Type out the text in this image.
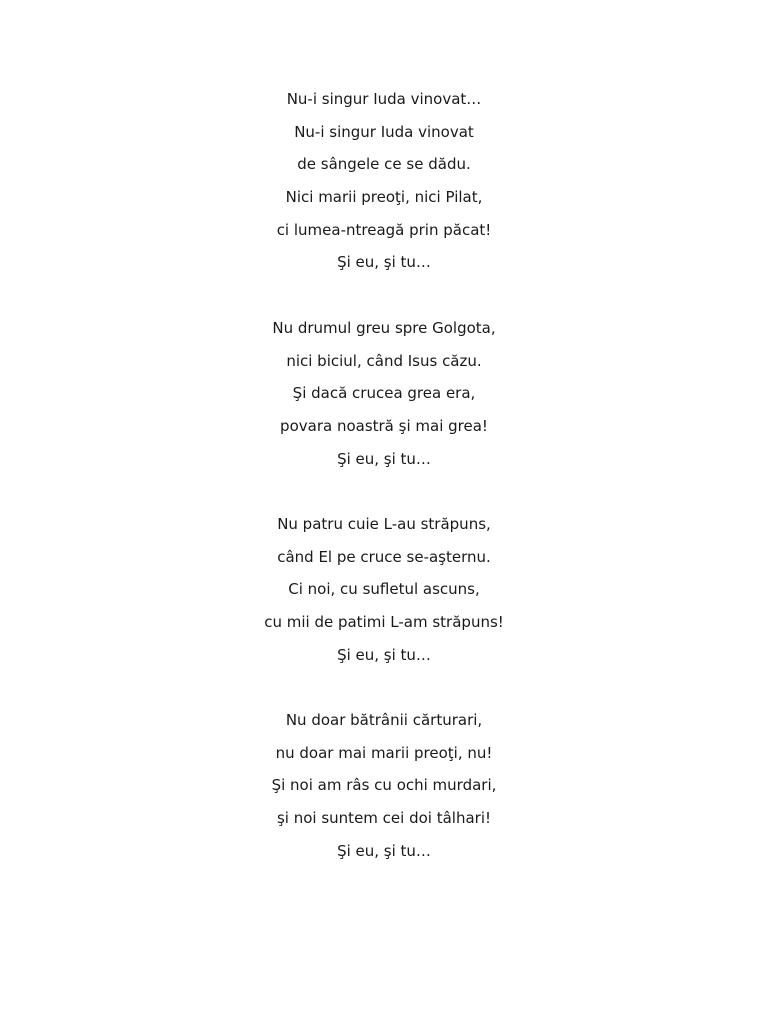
Nu-i singur Iuda vinovat…
Nu-i singur Iuda vinovat
de sângele ce se dădu.
Nici marii preoţi, nici Pilat,
ci lumea-ntreagă prin păcat!
Şi eu, şi tu…
Nu drumul greu spre Golgota,
nici biciul, când Isus căzu.
Şi dacă crucea grea era,
povara noastră şi mai grea!
Şi eu, şi tu…
Nu patru cuie L-au străpuns,
când El pe cruce se-aşternu.
Ci noi, cu sufletul ascuns,
cu mii de patimi L-am străpuns!
Şi eu, şi tu…
Nu doar bătrânii cărturari,
nu doar mai marii preoţi, nu!
Şi noi am râs cu ochi murdari,
şi noi suntem cei doi tâlhari!
Şi eu, şi tu…
